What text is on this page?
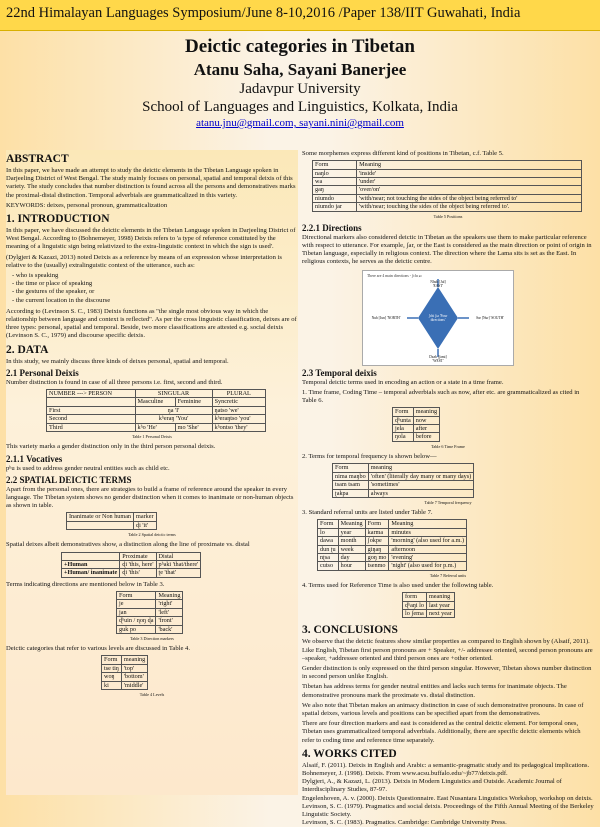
22nd Himalayan Languages Symposium/June 8-10,2016 /Paper 138/IIT Guwahati, India
Deictic categories in Tibetan
Atanu Saha, Sayani Banerjee
Jadavpur University
School of Languages and Linguistics, Kolkata, India
atanu.jnu@gmail.com, sayani.nini@gmail.com
ABSTRACT

In this paper, we have made an attempt to study the deictic elements in the Tibetan Language spoken in Darjeeling District of West Bengal. The study mainly focuses on personal, spatial and temporal deixis of this variety. The study concludes that number distinction is found across all the persons and demonstratives marks the proximal-distal distinction. Temporal adverbials are grammaticalized in this variety.

KEYWORDS: deixes, personal pronoun, grammaticalization

1. INTRODUCTION

In this paper, we have discussed the deictic elements in the Tibetan Language spoken in Darjeeling District of West Bengal. According to (Bohnemeyer, 1998) Deixis refers to 'a type of reference constituted by the meaning of a linguistic sign being relativized to the extra-linguistic context in which the sign is used'.

(Dylgjeri & Kazazi, 2013) noted Deixis as a reference by means of an expression whose interpretation is relative to the (usually) extralinguistic context of the utterance, such as:

- who is speaking
- the time or place of speaking
- the gestures of the speaker, or
- the current location in the discourse

According to (Levinson S. C., 1983) Deixis functions as "the single most obvious way in which the relationship between language and context is reflected". As per the cross linguistic classification, deixes are of three types: personal, spatial and temporal. Beside, two more classifications are attested e.g. social deixis (Levinson S. C., 1979) and discourse specific deixis.

2. DATA

In this study, we mainly discuss three kinds of deixes personal, spatial and temporal.

2.1 Personal Deixis

Number distinction is found in case of all three persons i.e. first, second and third.

NUMBER ---> PERSON	SINGULAR		PLURAL
	Masculine	Feminine	Syncretic
First	ŋa 'I'		ŋatso 'we'
Second	kʰeraŋ 'You'		kʰeraŋtso 'you'
Third	kʰo 'He'	mo 'She'	kʰontso 'they'
Table 1 Personal Deixis

This variety marks a gender distinction only in the third person personal deixis.

2.1.1 Vocatives

pʰu is used to address gender neutral entities such as child etc.

2.2 SPATIAL DEICTIC TERMS

Apart from the personal ones, there are strategies to build a frame of reference around the speaker in every language. The Tibetan system shows no gender distinction when it comes to inanimate or non-human objects as shown in table.

Inanimate or Non human	marker
	ɖi 'it'
Table 2 Spatial deictic terms

Spatial deixes albeit demonstratives show, a distinction along the line of proximate vs. distal

	Proximate	Distal
+Human	ɖi 'this, here'	pʰaki 'that/there'
+Human/ inanimate	ɖi 'this'	ʈe 'that'

Terms indicating directions are mentioned below in Table 3.

Form	Meaning
je	'right'
jan	'left'
ɖʰuin / ɳoŋ ɖa	'front'
guk po	'back'
Table 3 Direction markers

Deictic categories that refer to various levels are discussed in Table 4.

Form	meaning
tse tiŋ	'top'
woŋ	'bottom'
ki	'middle'
Table 4 Levels

Some morphemes express different kind of positions in Tibetan, c.f. Table 5.

Form	Meaning
naŋlo	'inside'
wa	'under'
gaŋ	'over/on'
niumdo	'with/near; not touching the sides of the object being referred to'
niumdo jar	'with/near; touching the sides of the object being referred to'.
Table 5 Positions
2.2.1 Directions

Directional markers also considered deictic in Tibetan as the speakers use them to make particular reference with respect to utterance. For example, ʃar, or the East is considered as the main direction or point of origin in Tibetan language, especially in religious context. The direction where the Lama sits is set as the East. In religious contexts, he serves as the deictic centre.

There are 4 main directions - ʃchɪ ɕɪ
Nhub [Jul] 'EAST'
ʃchi ʃɕɪ 'Four directions'
Nub [Jun] 'NORTH'	Sar [Nur] 'SOUTH'
Dzab [ʃami] 'WEST'
2.3 Temporal deixis

Temporal deictic terms used in encoding an action or a state in a time frame.

1. Time frame, Coding Time – temporal adverbials such as now, after etc. are grammaticalized as cited in Table 6.

Form	meaning
ɖʰunta	now
jela	after
ŋola	before
Table 6 Time Frame

2. Terms for temporal frequency is shown below—

Form	meaning
nima maŋbo	'often' (literally day many or many days)
tsam tsam	'sometimes'
ʈakpa	always
Table 7 Temporal frequency

3. Standard referral units are listed under Table 7.

Form	Meaning	Form	Meaning
lo	year	karma	minutes
dawa	month	ʃokpe	'morning' (also used for a.m.)
dun ʈu	week	giŋaŋ	afternoon
nʈsa	day	goŋ mo	'evening'
cutso	hour	tsenmo	'night' (also used for p.m.)
Table 7 Referral units

4. Terms used for Reference Time is also used under the following table.

form	meaning
ɖʰaŋi lo	last year
lo ʃema	next year
3. CONCLUSIONS

We observe that the deictic features show similar properties as compared to English shown by (Alsaif, 2011). Like English, Tibetan first person pronouns are + Speaker, +/- addressee oriented, second person pronouns are –speaker, +addressee oriented and third person ones are +other oriented.

Gender distinction is only expressed on the third person singular. However, Tibetan shows number distinction in second person unlike English.

Tibetan has address terms for gender neutral entities and lacks such terms for inanimate objects. The demonstrative pronouns mark the proximate vs. distal distinction.

We also note that Tibetan makes an animacy distinction in case of such demonstrative pronouns. In case of spatial deixes, various levels and positions can be specified apart from the demonstratives.

There are four direction markers and east is considered as the central deictic element. For temporal ones, Tibetan uses grammaticalized temporal adverbials. Additionally, there are specific deictic elements which refer to coding time and reference time separately.

4. WORKS CITED

Alsaif, F. (2011). Deixis in English and Arabic: a semantic-pragmatic study and its pedagogical implications.

Bohnemeyer, J. (1998). Deixis. From www.acsu.buffalo.edu/~jb77/deixis.pdf.

Dylgjeri, A., & Kazazi, L. (2013). Deixis in Modern Linguistics and Outside. Academic Journal of Interdisciplinary Studies, 87-97.

Engelenhoven, A. v. (2000). Deixis Questionnaire. East Nusantara Linguistics Workshop, workshop on deixis.

Levinson, S. C. (1979). Pragmatics and social deixis. Proceedings of the Fifth Annual Meeting of the Berkeley Linguistic Society.

Levinson, S. C. (1983). Pragmatics. Cambridge: Cambridge University Press.
